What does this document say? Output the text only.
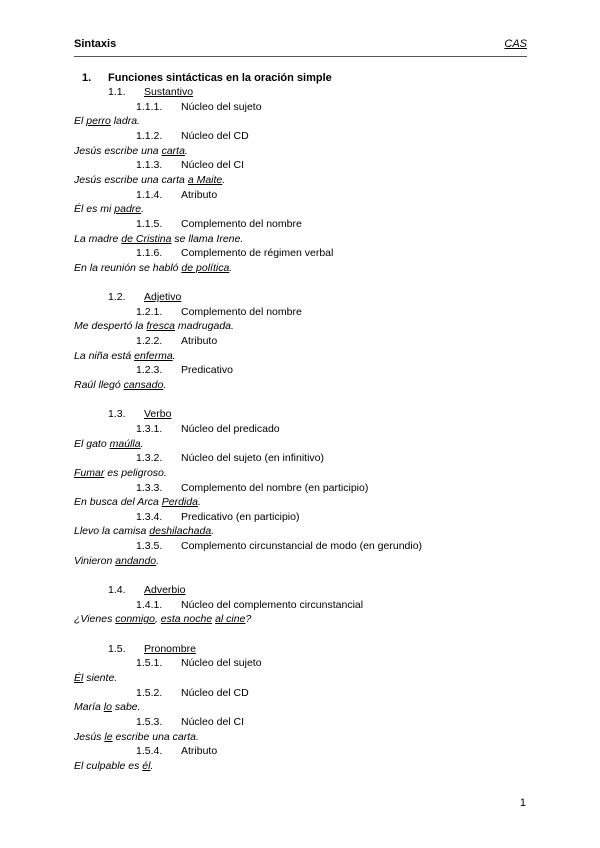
Sintaxis	CAS
1. Funciones sintácticas en la oración simple
1.1. Sustantivo
1.1.1. Núcleo del sujeto
El perro ladra.
1.1.2. Núcleo del CD
Jesús escribe una carta.
1.1.3. Núcleo del CI
Jesús escribe una carta a Maite.
1.1.4. Atributo
Él es mi padre.
1.1.5. Complemento del nombre
La madre de Cristina se llama Irene.
1.1.6. Complemento de régimen verbal
En la reunión se habló de política.
1.2. Adjetivo
1.2.1. Complemento del nombre
Me despertó la fresca madrugada.
1.2.2. Atributo
La niña está enferma.
1.2.3. Predicativo
Raúl llegó cansado.
1.3. Verbo
1.3.1. Núcleo del predicado
El gato maúlla.
1.3.2. Núcleo del sujeto (en infinitivo)
Fumar es peligroso.
1.3.3. Complemento del nombre (en participio)
En busca del Arca Perdida.
1.3.4. Predicativo (en participio)
Llevo la camisa deshilachada.
1.3.5. Complemento circunstancial de modo (en gerundio)
Vinieron andando.
1.4. Adverbio
1.4.1. Núcleo del complemento circunstancial
¿Vienes conmigo, esta noche al cine?
1.5. Pronombre
1.5.1. Núcleo del sujeto
Él siente.
1.5.2. Núcleo del CD
María lo sabe.
1.5.3. Núcleo del CI
Jesús le escribe una carta.
1.5.4. Atributo
El culpable es él.
1
